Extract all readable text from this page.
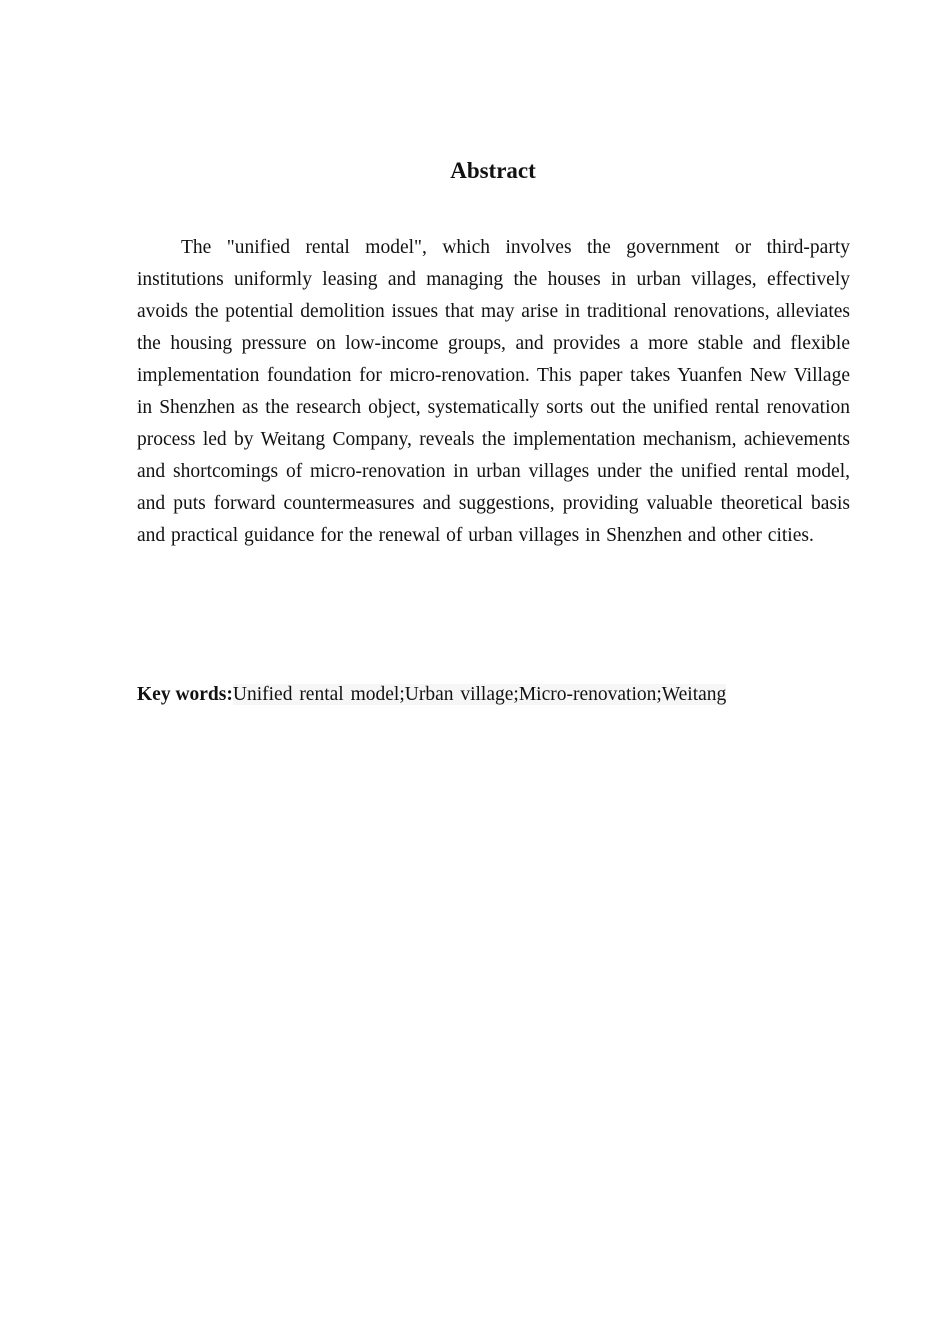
Abstract

The "unified rental model", which involves the government or third-party institutions uniformly leasing and managing the houses in urban villages, effectively avoids the potential demolition issues that may arise in traditional renovations, alleviates the housing pressure on low-income groups, and provides a more stable and flexible implementation foundation for micro-renovation. This paper takes Yuanfen New Village in Shenzhen as the research object, systematically sorts out the unified rental renovation process led by Weitang Company, reveals the implementation mechanism, achievements and shortcomings of micro-renovation in urban villages under the unified rental model, and puts forward countermeasures and suggestions, providing valuable theoretical basis and practical guidance for the renewal of urban villages in Shenzhen and other cities.

Key words:Unified rental model;Urban village;Micro-renovation;Weitang
